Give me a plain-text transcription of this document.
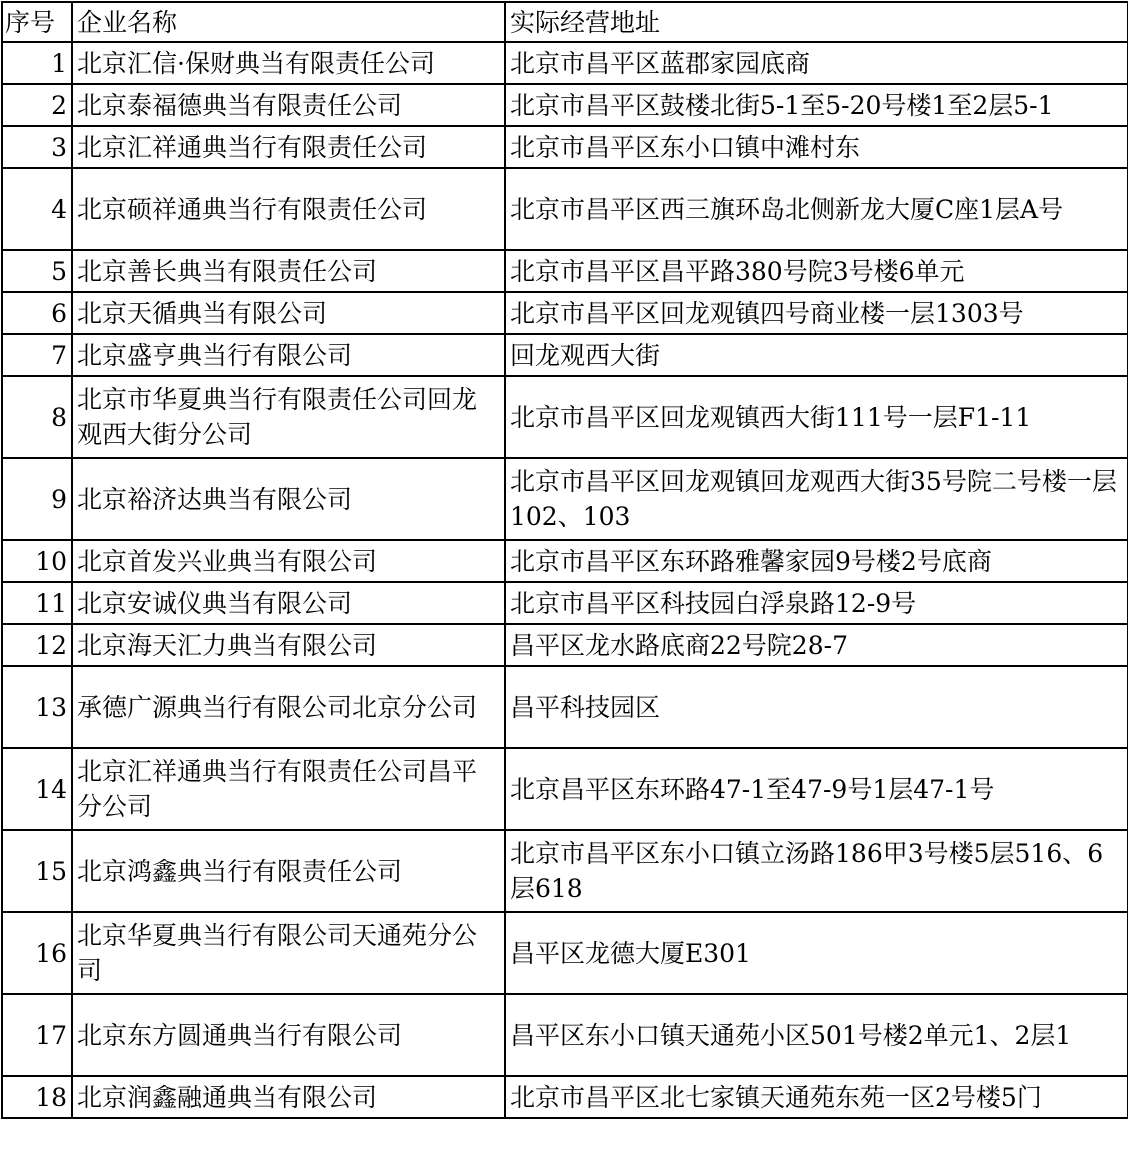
序号	企业名称	实际经营地址
1	北京汇信·保财典当有限责任公司	北京市昌平区蓝郡家园底商
2	北京泰福德典当有限责任公司	北京市昌平区鼓楼北街5-1至5-20号楼1至2层5-1
3	北京汇祥通典当行有限责任公司	北京市昌平区东小口镇中滩村东
4	北京硕祥通典当行有限责任公司	北京市昌平区西三旗环岛北侧新龙大厦C座1层A号
5	北京善长典当有限责任公司	北京市昌平区昌平路380号院3号楼6单元
6	北京天循典当有限公司	北京市昌平区回龙观镇四号商业楼一层1303号
7	北京盛亨典当行有限公司	回龙观西大街
8	北京市华夏典当行有限责任公司回龙观西大街分公司	北京市昌平区回龙观镇西大街111号一层F1-11
9	北京裕济达典当有限公司	北京市昌平区回龙观镇回龙观西大街35号院二号楼一层102、103
10	北京首发兴业典当有限公司	北京市昌平区东环路雅馨家园9号楼2号底商
11	北京安诚仪典当有限公司	北京市昌平区科技园白浮泉路12-9号
12	北京海天汇力典当有限公司	昌平区龙水路底商22号院28-7
13	承德广源典当行有限公司北京分公司	昌平科技园区
14	北京汇祥通典当行有限责任公司昌平分公司	北京昌平区东环路47-1至47-9号1层47-1号
15	北京鸿鑫典当行有限责任公司	北京市昌平区东小口镇立汤路186甲3号楼5层516、6层618
16	北京华夏典当行有限公司天通苑分公司	昌平区龙德大厦E301
17	北京东方圆通典当行有限公司	昌平区东小口镇天通苑小区501号楼2单元1、2层1
18	北京润鑫融通典当有限公司	北京市昌平区北七家镇天通苑东苑一区2号楼5门
